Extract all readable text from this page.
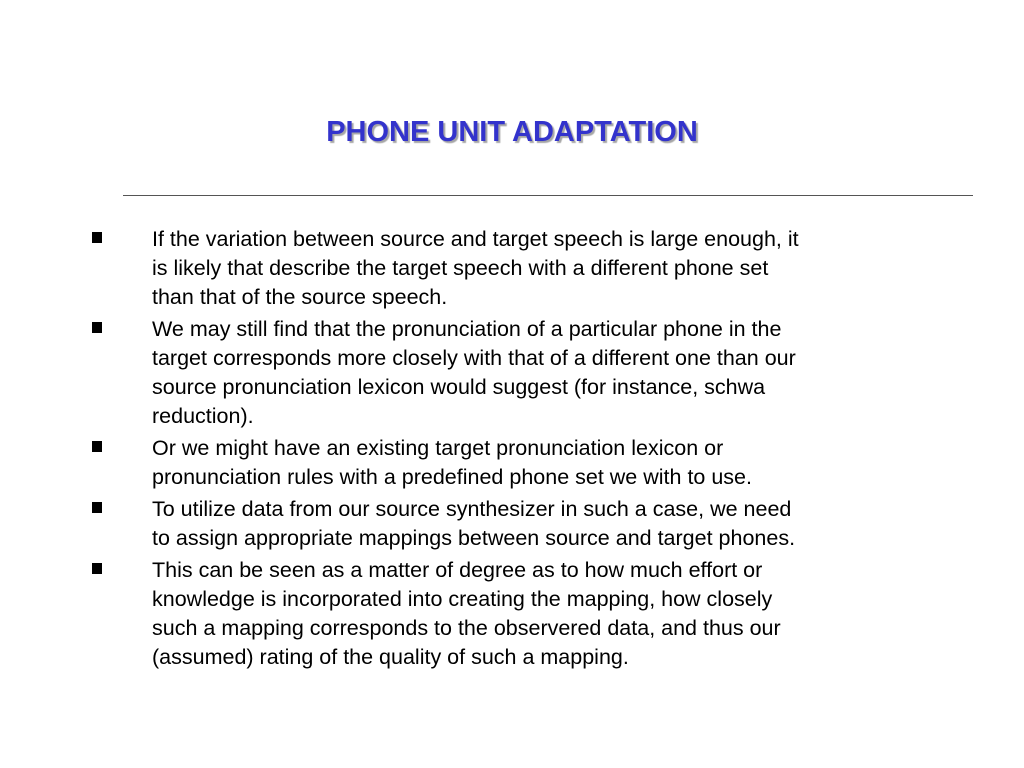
PHONE UNIT ADAPTATION
If the variation between source and target speech is large enough, it
is likely that describe the target speech with a different phone set
than that of the source speech.
We may still find that the pronunciation of a particular phone in the
target corresponds more closely with that of a different one than our
source pronunciation lexicon would suggest (for instance, schwa
reduction).
Or we might have an existing target pronunciation lexicon or
pronunciation rules with a predefined phone set we with to use.
To utilize data from our source synthesizer in such a case, we need
to assign appropriate mappings between source and target phones.
This can be seen as a matter of degree as to how much effort or
knowledge is incorporated into creating the mapping, how closely
such a mapping corresponds to the observered data, and thus our
(assumed) rating of the quality of such a mapping.
